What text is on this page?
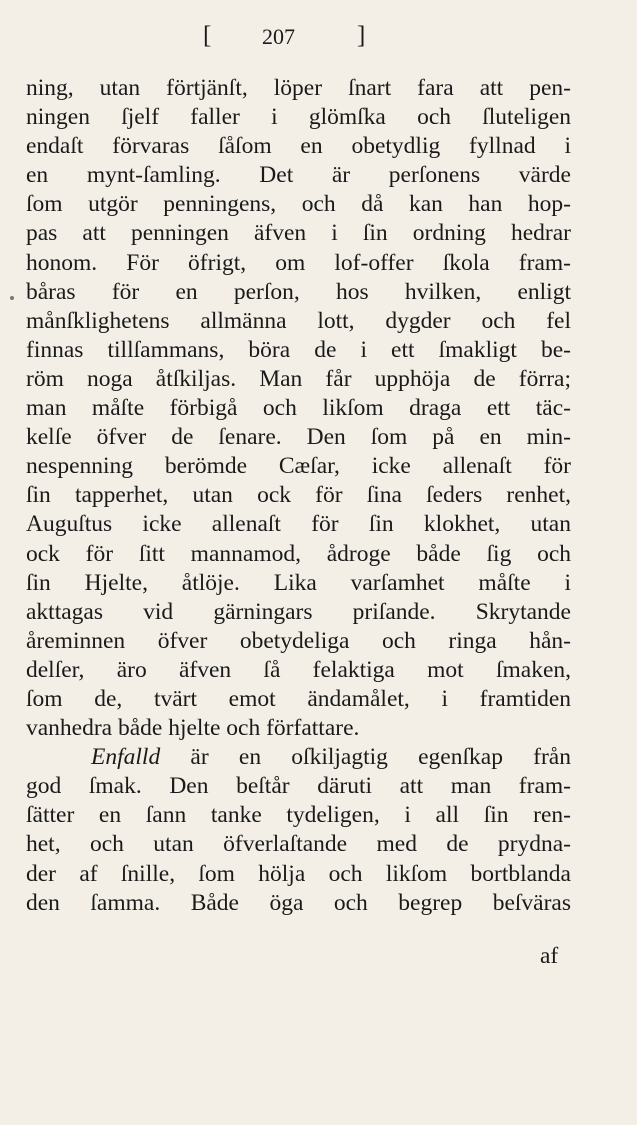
[ 207 ]
ning, utan förtjänſt, löper ſnart fara att pen-
ningen ſjelf faller i glömſka och ſluteligen
endaſt förvaras ſåſom en obetydlig fyllnad i
en mynt-ſamling. Det är perſonens värde
ſom utgör penningens, och då kan han hop-
pas att penningen äfven i ſin ordning hedrar
honom. För öfrigt, om lof-offer ſkola fram-
båras för en perſon, hos hvilken, enligt
månſklighetens allmänna lott, dygder och fel
finnas tillſammans, böra de i ett ſmakligt be-
röm noga åtſkiljas. Man får upphöja de förra;
man måſte förbigå och likſom draga ett täc-
kelſe öfver de ſenare. Den ſom på en min-
nespenning berömde Cæſar, icke allenaſt för
ſin tapperhet, utan ock för ſina ſeders renhet,
Auguſtus icke allenaſt för ſin klokhet, utan
ock för ſitt mannamod, ådroge både ſig och
ſin Hjelte, åtlöje. Lika varſamhet måſte i
akttagas vid gärningars priſande. Skrytande
åreminnen öfver obetydeliga och ringa hån-
delſer, äro äfven ſå felaktiga mot ſmaken,
ſom de, tvärt emot ändamålet, i framtiden
vanhedra både hjelte och författare.
Enfalld är en oſkiljagtig egenſkap från
god ſmak. Den beſtår däruti att man fram-
ſätter en ſann tanke tydeligen, i all ſin ren-
het, och utan öfverlaſtande med de prydna-
der af ſnille, ſom hölja och likſom bortblanda
den ſamma. Både öga och begrep beſväras
af
